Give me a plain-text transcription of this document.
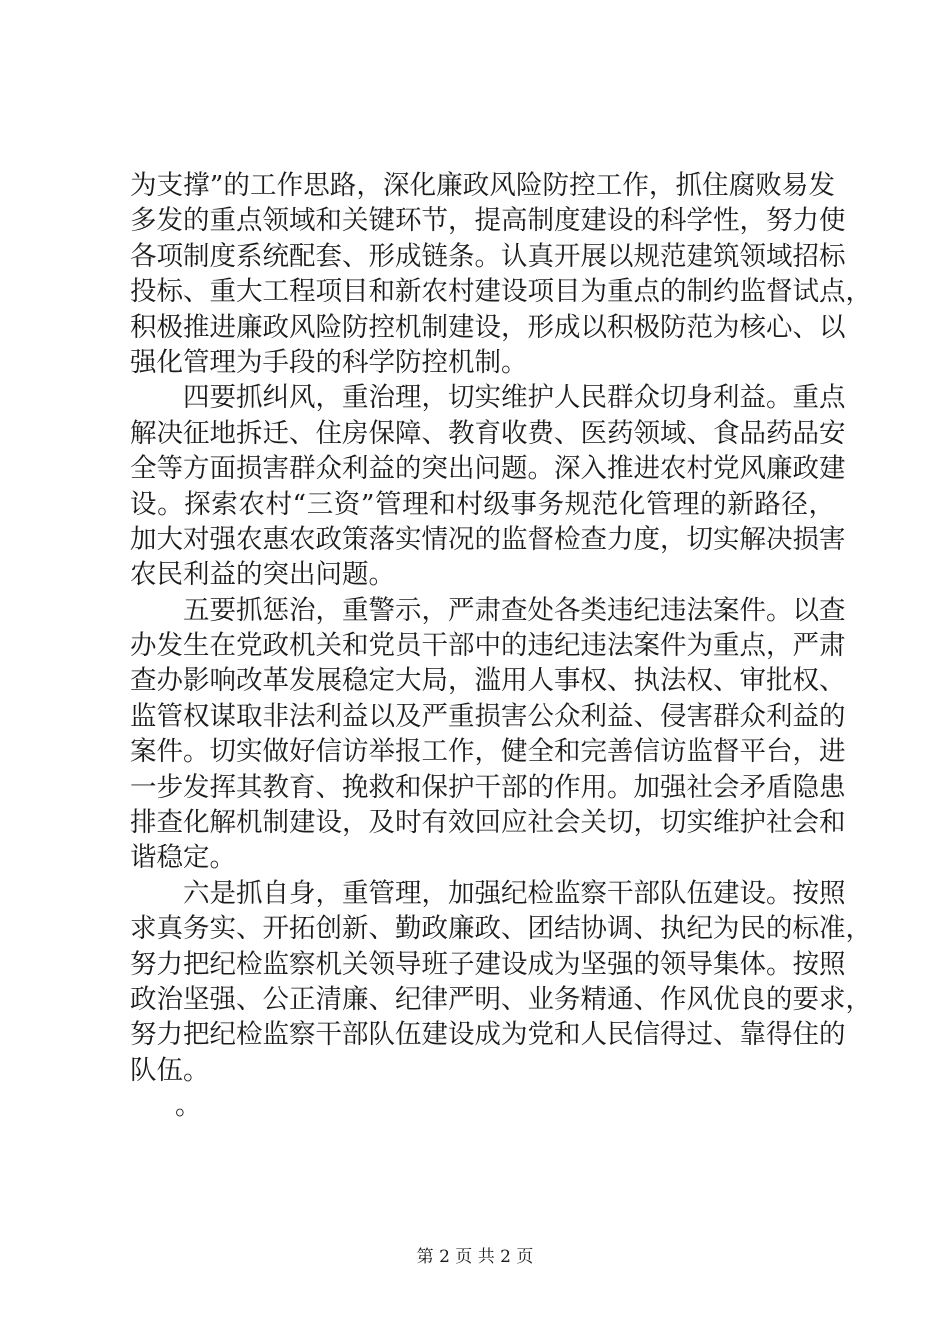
为支撑”的工作思路，深化廉政风险防控工作，抓住腐败易发
多发的重点领域和关键环节，提高制度建设的科学性，努力使
各项制度系统配套、形成链条。认真开展以规范建筑领域招标
投标、重大工程项目和新农村建设项目为重点的制约监督试点，
积极推进廉政风险防控机制建设，形成以积极防范为核心、以
强化管理为手段的科学防控机制。
四要抓纠风，重治理，切实维护人民群众切身利益。重点
解决征地拆迁、住房保障、教育收费、医药领域、食品药品安
全等方面损害群众利益的突出问题。深入推进农村党风廉政建
设。探索农村“三资”管理和村级事务规范化管理的新路径，
加大对强农惠农政策落实情况的监督检查力度，切实解决损害
农民利益的突出问题。
五要抓惩治，重警示，严肃查处各类违纪违法案件。以查
办发生在党政机关和党员干部中的违纪违法案件为重点，严肃
查办影响改革发展稳定大局，滥用人事权、执法权、审批权、
监管权谋取非法利益以及严重损害公众利益、侵害群众利益的
案件。切实做好信访举报工作，健全和完善信访监督平台，进
一步发挥其教育、挽救和保护干部的作用。加强社会矛盾隐患
排查化解机制建设，及时有效回应社会关切，切实维护社会和
谐稳定。
六是抓自身，重管理，加强纪检监察干部队伍建设。按照
求真务实、开拓创新、勤政廉政、团结协调、执纪为民的标准，
努力把纪检监察机关领导班子建设成为坚强的领导集体。按照
政治坚强、公正清廉、纪律严明、业务精通、作风优良的要求，
努力把纪检监察干部队伍建设成为党和人民信得过、靠得住的
队伍。
。
第 2 页 共 2 页
